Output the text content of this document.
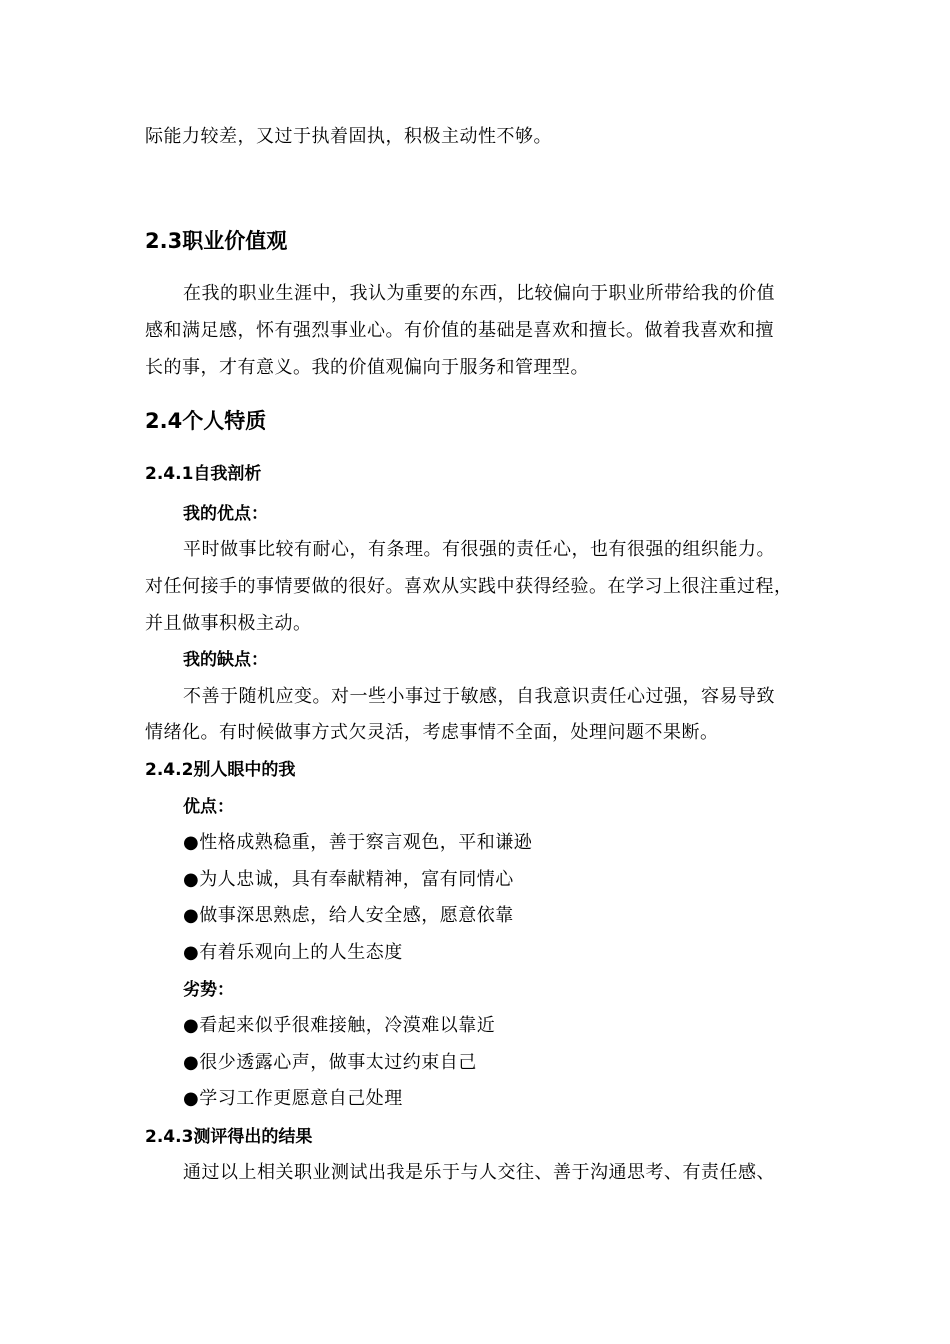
际能力较差，又过于执着固执，积极主动性不够。
2.3职业价值观
在我的职业生涯中，我认为重要的东西，比较偏向于职业所带给我的价值
感和满足感，怀有强烈事业心。有价值的基础是喜欢和擅长。做着我喜欢和擅
长的事，才有意义。我的价值观偏向于服务和管理型。
2.4个人特质
2.4.1自我剖析
我的优点：
平时做事比较有耐心，有条理。有很强的责任心，也有很强的组织能力。
对任何接手的事情要做的很好。喜欢从实践中获得经验。在学习上很注重过程，
并且做事积极主动。
我的缺点：
不善于随机应变。对一些小事过于敏感，自我意识责任心过强，容易导致
情绪化。有时候做事方式欠灵活，考虑事情不全面，处理问题不果断。
2.4.2别人眼中的我
优点：
●性格成熟稳重，善于察言观色，平和谦逊
●为人忠诚，具有奉献精神，富有同情心
●做事深思熟虑，给人安全感，愿意依靠
●有着乐观向上的人生态度
劣势：
●看起来似乎很难接触，冷漠难以靠近
●很少透露心声，做事太过约束自己
●学习工作更愿意自己处理
2.4.3测评得出的结果
通过以上相关职业测试出我是乐于与人交往、善于沟通思考、有责任感、
